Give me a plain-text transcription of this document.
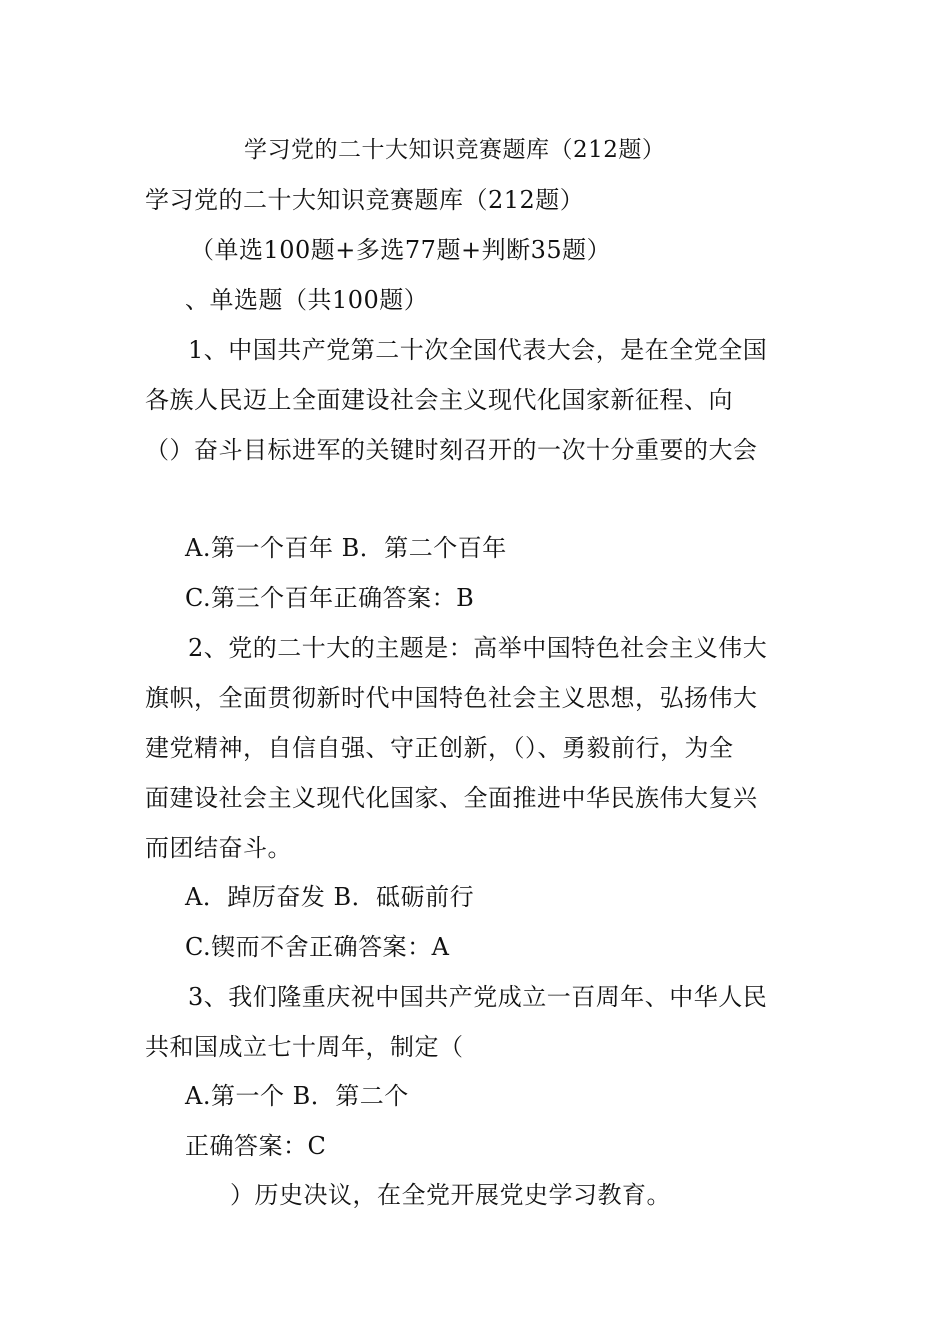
学习党的二十大知识竞赛题库（212题）

学习党的二十大知识竞赛题库（212题）

（单选100题+多选77题+判断35题）

、单选题（共100题）

1、中国共产党第二十次全国代表大会，是在全党全国

各族人民迈上全面建设社会主义现代化国家新征程、向

（）奋斗目标进军的关键时刻召开的一次十分重要的大会

A.第一个百年 B．第二个百年

C.第三个百年正确答案：B

2、党的二十大的主题是：高举中国特色社会主义伟大

旗帜，全面贯彻新时代中国特色社会主义思想，弘扬伟大

建党精神，自信自强、守正创新，（）、勇毅前行，为全

面建设社会主义现代化国家、全面推进中华民族伟大复兴

而团结奋斗。

A．踔厉奋发 B．砥砺前行

C.锲而不舍正确答案：A

3、我们隆重庆祝中国共产党成立一百周年、中华人民

共和国成立七十周年，制定（

A.第一个 B．第二个

正确答案：C

）历史决议，在全党开展党史学习教育。
